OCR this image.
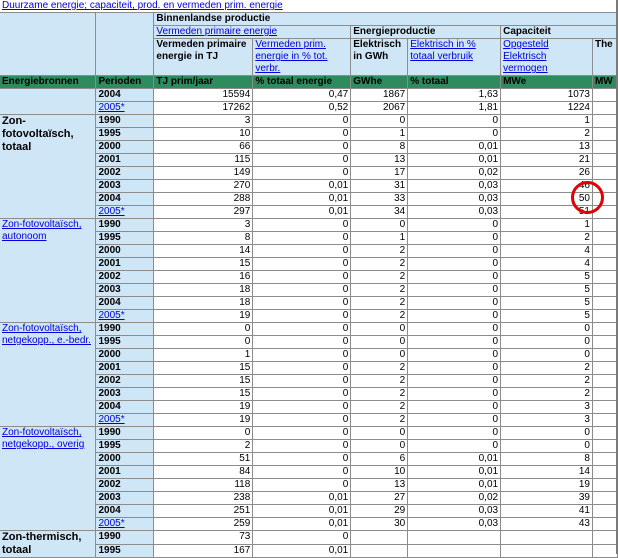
Duurzame energie; capaciteit, prod. en vermeden prim. energie							
		Binnenlandse productie					
		Vermeden primaire energie		Energieproductie		Capaciteit	
		Vermeden primaire energie in TJ	Vermeden prim. energie in % tot. verbr.	Elektrisch in GWh	Elektrisch in % totaal verbruik	Opgesteld
Elektrisch vermogen	The
Energiebronnen	Perioden	TJ prim/jaar	% totaal energie	GWhe	% totaal	MWe	MW
	2004	15594	0,47	1867	1,63	1073	
	2005*	17262	0,52	2067	1,81	1224	
Zon-fotovoltaïsch, totaal	1990	3	0	0	0	1	
	1995	10	0	1	0	2	
	2000	66	0	8	0,01	13	
	2001	115	0	13	0,01	21	
	2002	149	0	17	0,02	26	
	2003	270	0,01	31	0,03	46	
	2004	288	0,01	33	0,03	50	
	2005*	297	0,01	34	0,03	51	
Zon-fotovoltaïsch, autonoom	1990	3	0	0	0	1	
	1995	8	0	1	0	2	
	2000	14	0	2	0	4	
	2001	15	0	2	0	4	
	2002	16	0	2	0	5	
	2003	18	0	2	0	5	
	2004	18	0	2	0	5	
	2005*	19	0	2	0	5	
Zon-fotovoltaïsch, netgekopp., e.-bedr.	1990	0	0	0	0	0	
	1995	0	0	0	0	0	
	2000	1	0	0	0	0	
	2001	15	0	2	0	2	
	2002	15	0	2	0	2	
	2003	15	0	2	0	2	
	2004	19	0	2	0	3	
	2005*	19	0	2	0	3	
Zon-fotovoltaïsch, netgekopp., overig	1990	0	0	0	0	0	
	1995	2	0	0	0	0	
	2000	51	0	6	0,01	8	
	2001	84	0	10	0,01	14	
	2002	118	0	13	0,01	19	
	2003	238	0,01	27	0,02	39	
	2004	251	0,01	29	0,03	41	
	2005*	259	0,01	30	0,03	43	
Zon-thermisch, totaal	1990	73	0				
	1995	167	0,01				
